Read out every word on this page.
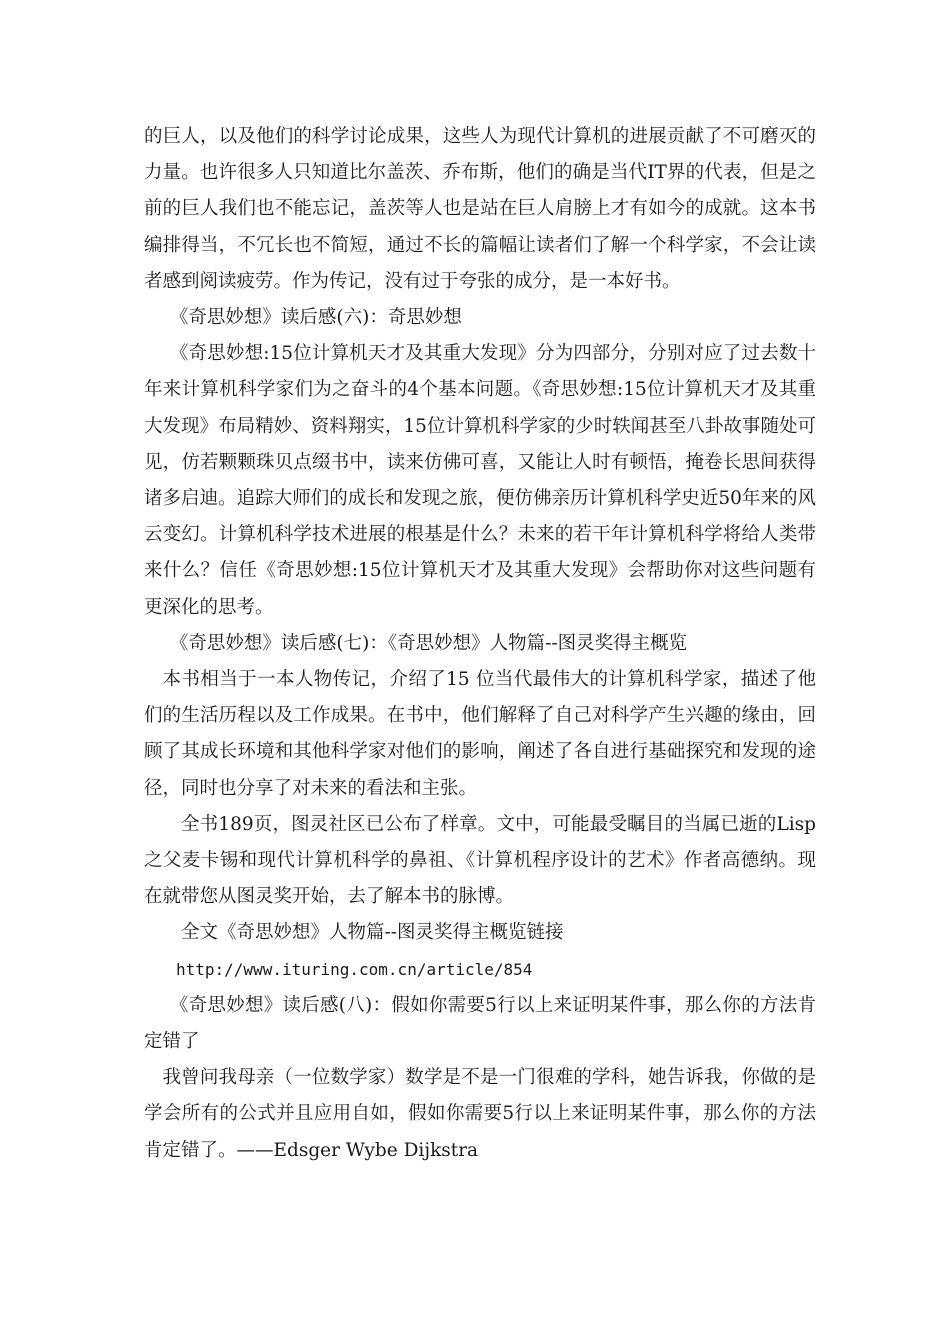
的巨人，以及他们的科学讨论成果，这些人为现代计算机的进展贡献了不可磨灭的力量。也许很多人只知道比尔盖茨、乔布斯，他们的确是当代IT界的代表，但是之前的巨人我们也不能忘记，盖茨等人也是站在巨人肩膀上才有如今的成就。这本书编排得当，不冗长也不简短，通过不长的篇幅让读者们了解一个科学家，不会让读者感到阅读疲劳。作为传记，没有过于夸张的成分，是一本好书。

《奇思妙想》读后感(六)：奇思妙想

《奇思妙想:15位计算机天才及其重大发现》分为四部分，分别对应了过去数十年来计算机科学家们为之奋斗的4个基本问题。《奇思妙想:15位计算机天才及其重大发现》布局精妙、资料翔实，15位计算机科学家的少时轶闻甚至八卦故事随处可见，仿若颗颗珠贝点缀书中，读来仿佛可喜，又能让人时有顿悟，掩卷长思间获得诸多启迪。追踪大师们的成长和发现之旅，便仿佛亲历计算机科学史近50年来的风云变幻。计算机科学技术进展的根基是什么？未来的若干年计算机科学将给人类带来什么？信任《奇思妙想:15位计算机天才及其重大发现》会帮助你对这些问题有更深化的思考。

《奇思妙想》读后感(七)：《奇思妙想》人物篇--图灵奖得主概览

本书相当于一本人物传记，介绍了15 位当代最伟大的计算机科学家，描述了他们的生活历程以及工作成果。在书中，他们解释了自己对科学产生兴趣的缘由，回顾了其成长环境和其他科学家对他们的影响，阐述了各自进行基础探究和发现的途径，同时也分享了对未来的看法和主张。

全书189页，图灵社区已公布了样章。文中，可能最受瞩目的当属已逝的Lisp之父麦卡锡和现代计算机科学的鼻祖、《计算机程序设计的艺术》作者高德纳。现在就带您从图灵奖开始，去了解本书的脉博。

全文《奇思妙想》人物篇--图灵奖得主概览链接

http://www.ituring.com.cn/article/854

《奇思妙想》读后感(八)：假如你需要5行以上来证明某件事，那么你的方法肯定错了

我曾问我母亲（一位数学家）数学是不是一门很难的学科，她告诉我，你做的是学会所有的公式并且应用自如，假如你需要5行以上来证明某件事，那么你的方法肯定错了。——Edsger Wybe Dijkstra
